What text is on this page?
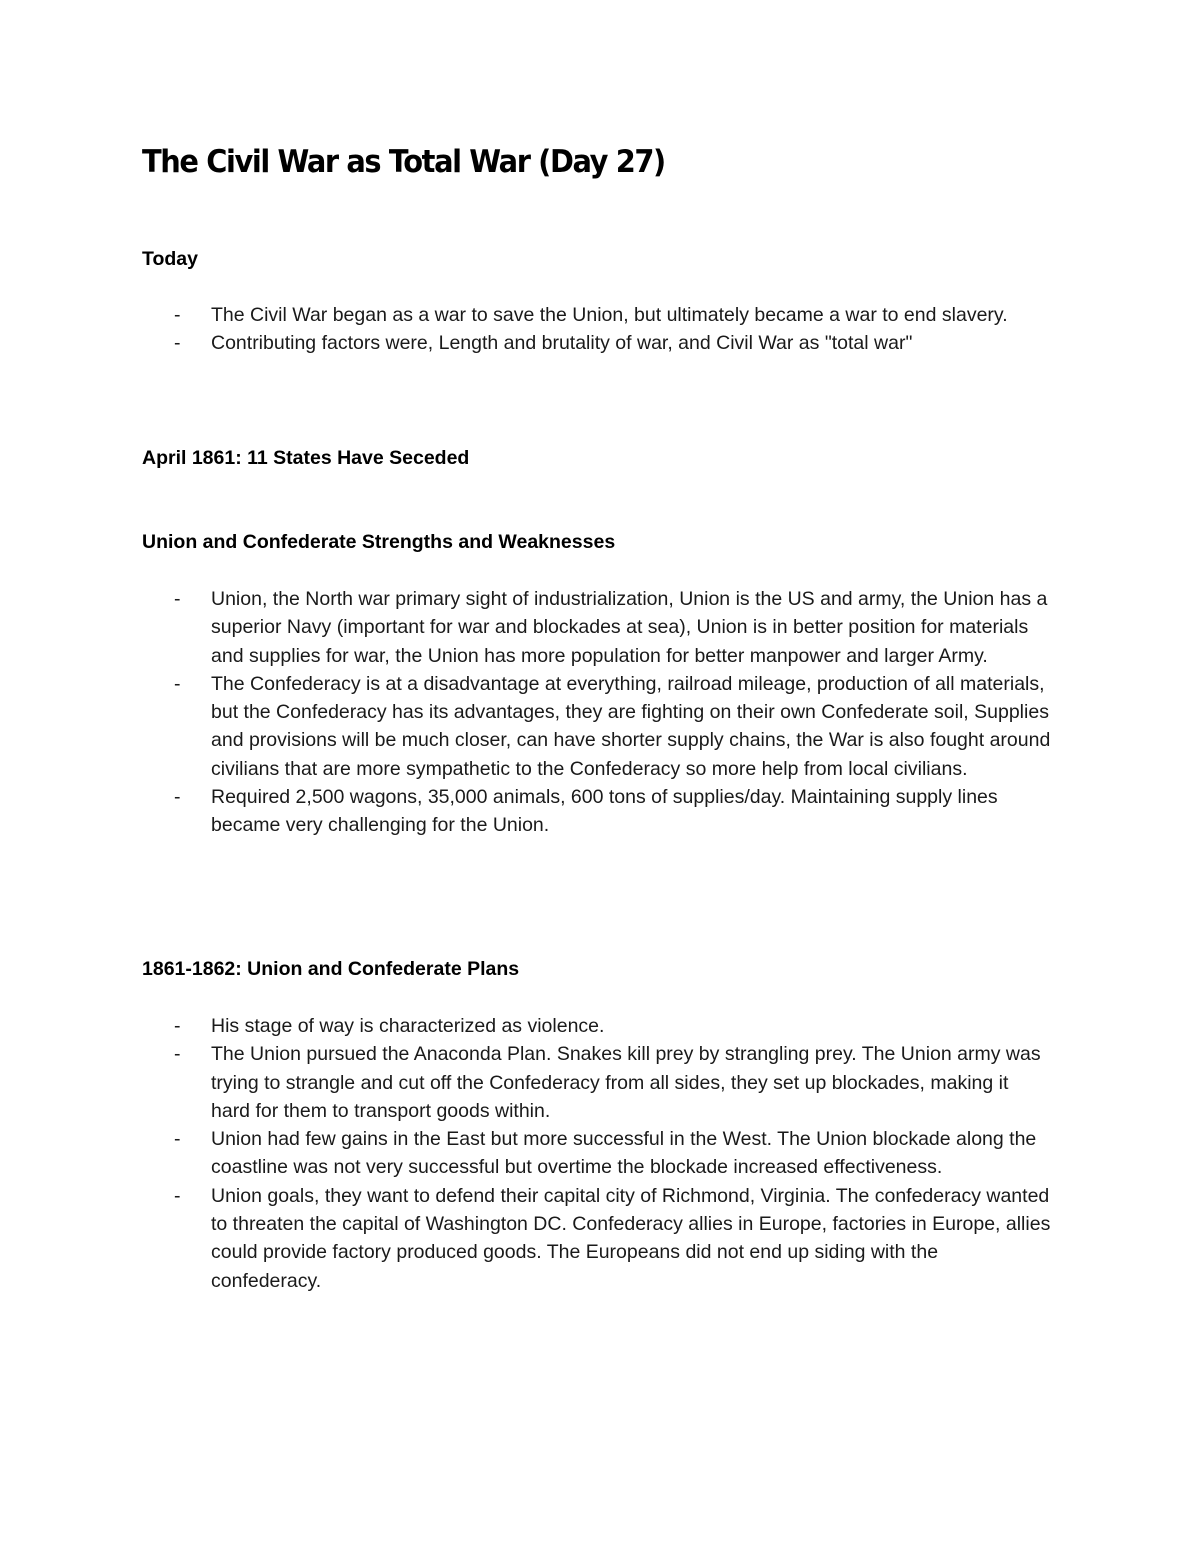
The Civil War as Total War (Day 27)
Today
- The Civil War began as a war to save the Union, but ultimately became a war to end slavery.
- Contributing factors were, Length and brutality of war, and Civil War as "total war"
April 1861: 11 States Have Seceded
Union and Confederate Strengths and Weaknesses
- Union, the North war primary sight of industrialization, Union is the US and army, the Union has a superior Navy (important for war and blockades at sea), Union is in better position for materials and supplies for war, the Union has more population for better manpower and larger Army.
- The Confederacy is at a disadvantage at everything, railroad mileage, production of all materials, but the Confederacy has its advantages, they are fighting on their own Confederate soil, Supplies and provisions will be much closer, can have shorter supply chains, the War is also fought around civilians that are more sympathetic to the Confederacy so more help from local civilians.
- Required 2,500 wagons, 35,000 animals, 600 tons of supplies/day. Maintaining supply lines became very challenging for the Union.
1861-1862: Union and Confederate Plans
- His stage of way is characterized as violence.
- The Union pursued the Anaconda Plan. Snakes kill prey by strangling prey. The Union army was trying to strangle and cut off the Confederacy from all sides, they set up blockades, making it hard for them to transport goods within.
- Union had few gains in the East but more successful in the West. The Union blockade along the coastline was not very successful but overtime the blockade increased effectiveness.
- Union goals, they want to defend their capital city of Richmond, Virginia. The confederacy wanted to threaten the capital of Washington DC. Confederacy allies in Europe, factories in Europe, allies could provide factory produced goods. The Europeans did not end up siding with the confederacy.
